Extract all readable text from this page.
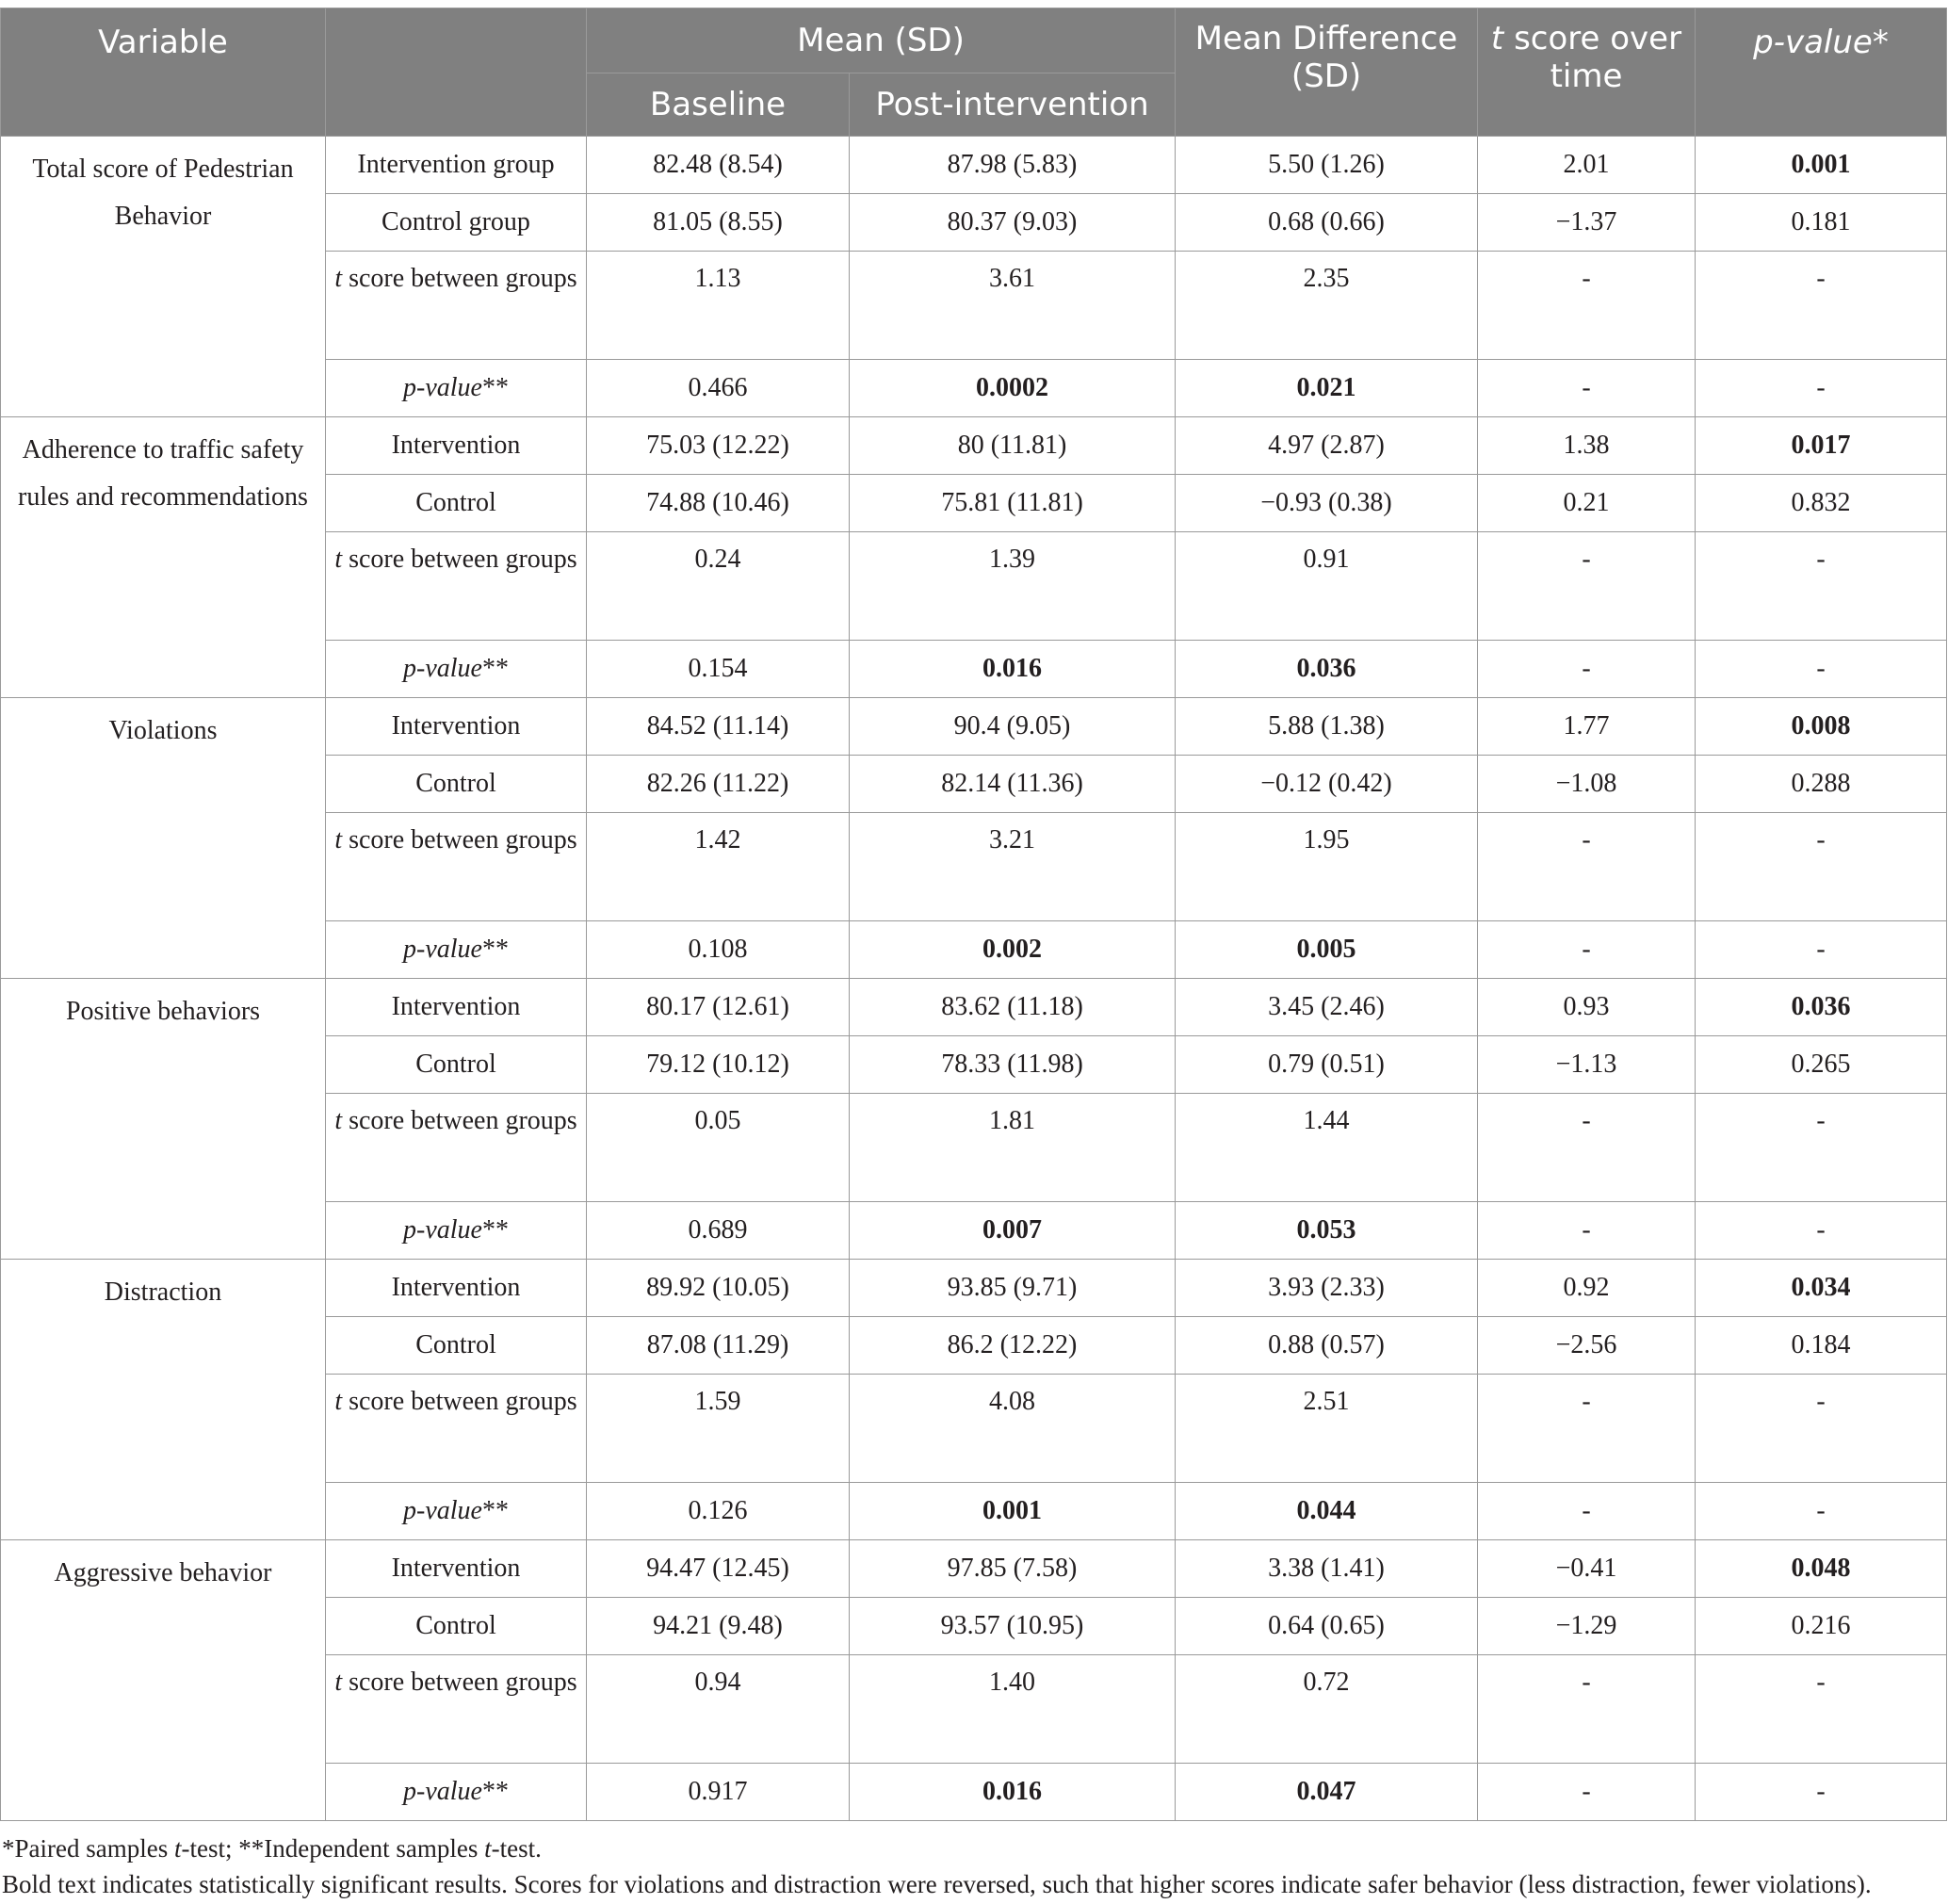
Variable		Mean (SD)		Mean Difference (SD)	t score over time	p-value*
		Baseline	Post-intervention			
Total score of Pedestrian Behavior	Intervention group	82.48 (8.54)	87.98 (5.83)	5.50 (1.26)	2.01	0.001
	Control group	81.05 (8.55)	80.37 (9.03)	0.68 (0.66)	−1.37	0.181
	t score between groups	1.13	3.61	2.35	-	-
	p-value**	0.466	0.0002	0.021	-	-
Adherence to traffic safety rules and recommendations	Intervention	75.03 (12.22)	80 (11.81)	4.97 (2.87)	1.38	0.017
	Control	74.88 (10.46)	75.81 (11.81)	−0.93 (0.38)	0.21	0.832
	t score between groups	0.24	1.39	0.91	-	-
	p-value**	0.154	0.016	0.036	-	-
Violations	Intervention	84.52 (11.14)	90.4 (9.05)	5.88 (1.38)	1.77	0.008
	Control	82.26 (11.22)	82.14 (11.36)	−0.12 (0.42)	−1.08	0.288
	t score between groups	1.42	3.21	1.95	-	-
	p-value**	0.108	0.002	0.005	-	-
Positive behaviors	Intervention	80.17 (12.61)	83.62 (11.18)	3.45 (2.46)	0.93	0.036
	Control	79.12 (10.12)	78.33 (11.98)	0.79 (0.51)	−1.13	0.265
	t score between groups	0.05	1.81	1.44	-	-
	p-value**	0.689	0.007	0.053	-	-
Distraction	Intervention	89.92 (10.05)	93.85 (9.71)	3.93 (2.33)	0.92	0.034
	Control	87.08 (11.29)	86.2 (12.22)	0.88 (0.57)	−2.56	0.184
	t score between groups	1.59	4.08	2.51	-	-
	p-value**	0.126	0.001	0.044	-	-
Aggressive behavior	Intervention	94.47 (12.45)	97.85 (7.58)	3.38 (1.41)	−0.41	0.048
	Control	94.21 (9.48)	93.57 (10.95)	0.64 (0.65)	−1.29	0.216
	t score between groups	0.94	1.40	0.72	-	-
	p-value**	0.917	0.016	0.047	-	-
*Paired samples t-test; **Independent samples t-test.
Bold text indicates statistically significant results. Scores for violations and distraction were reversed, such that higher scores indicate safer behavior (less distraction, fewer violations).
